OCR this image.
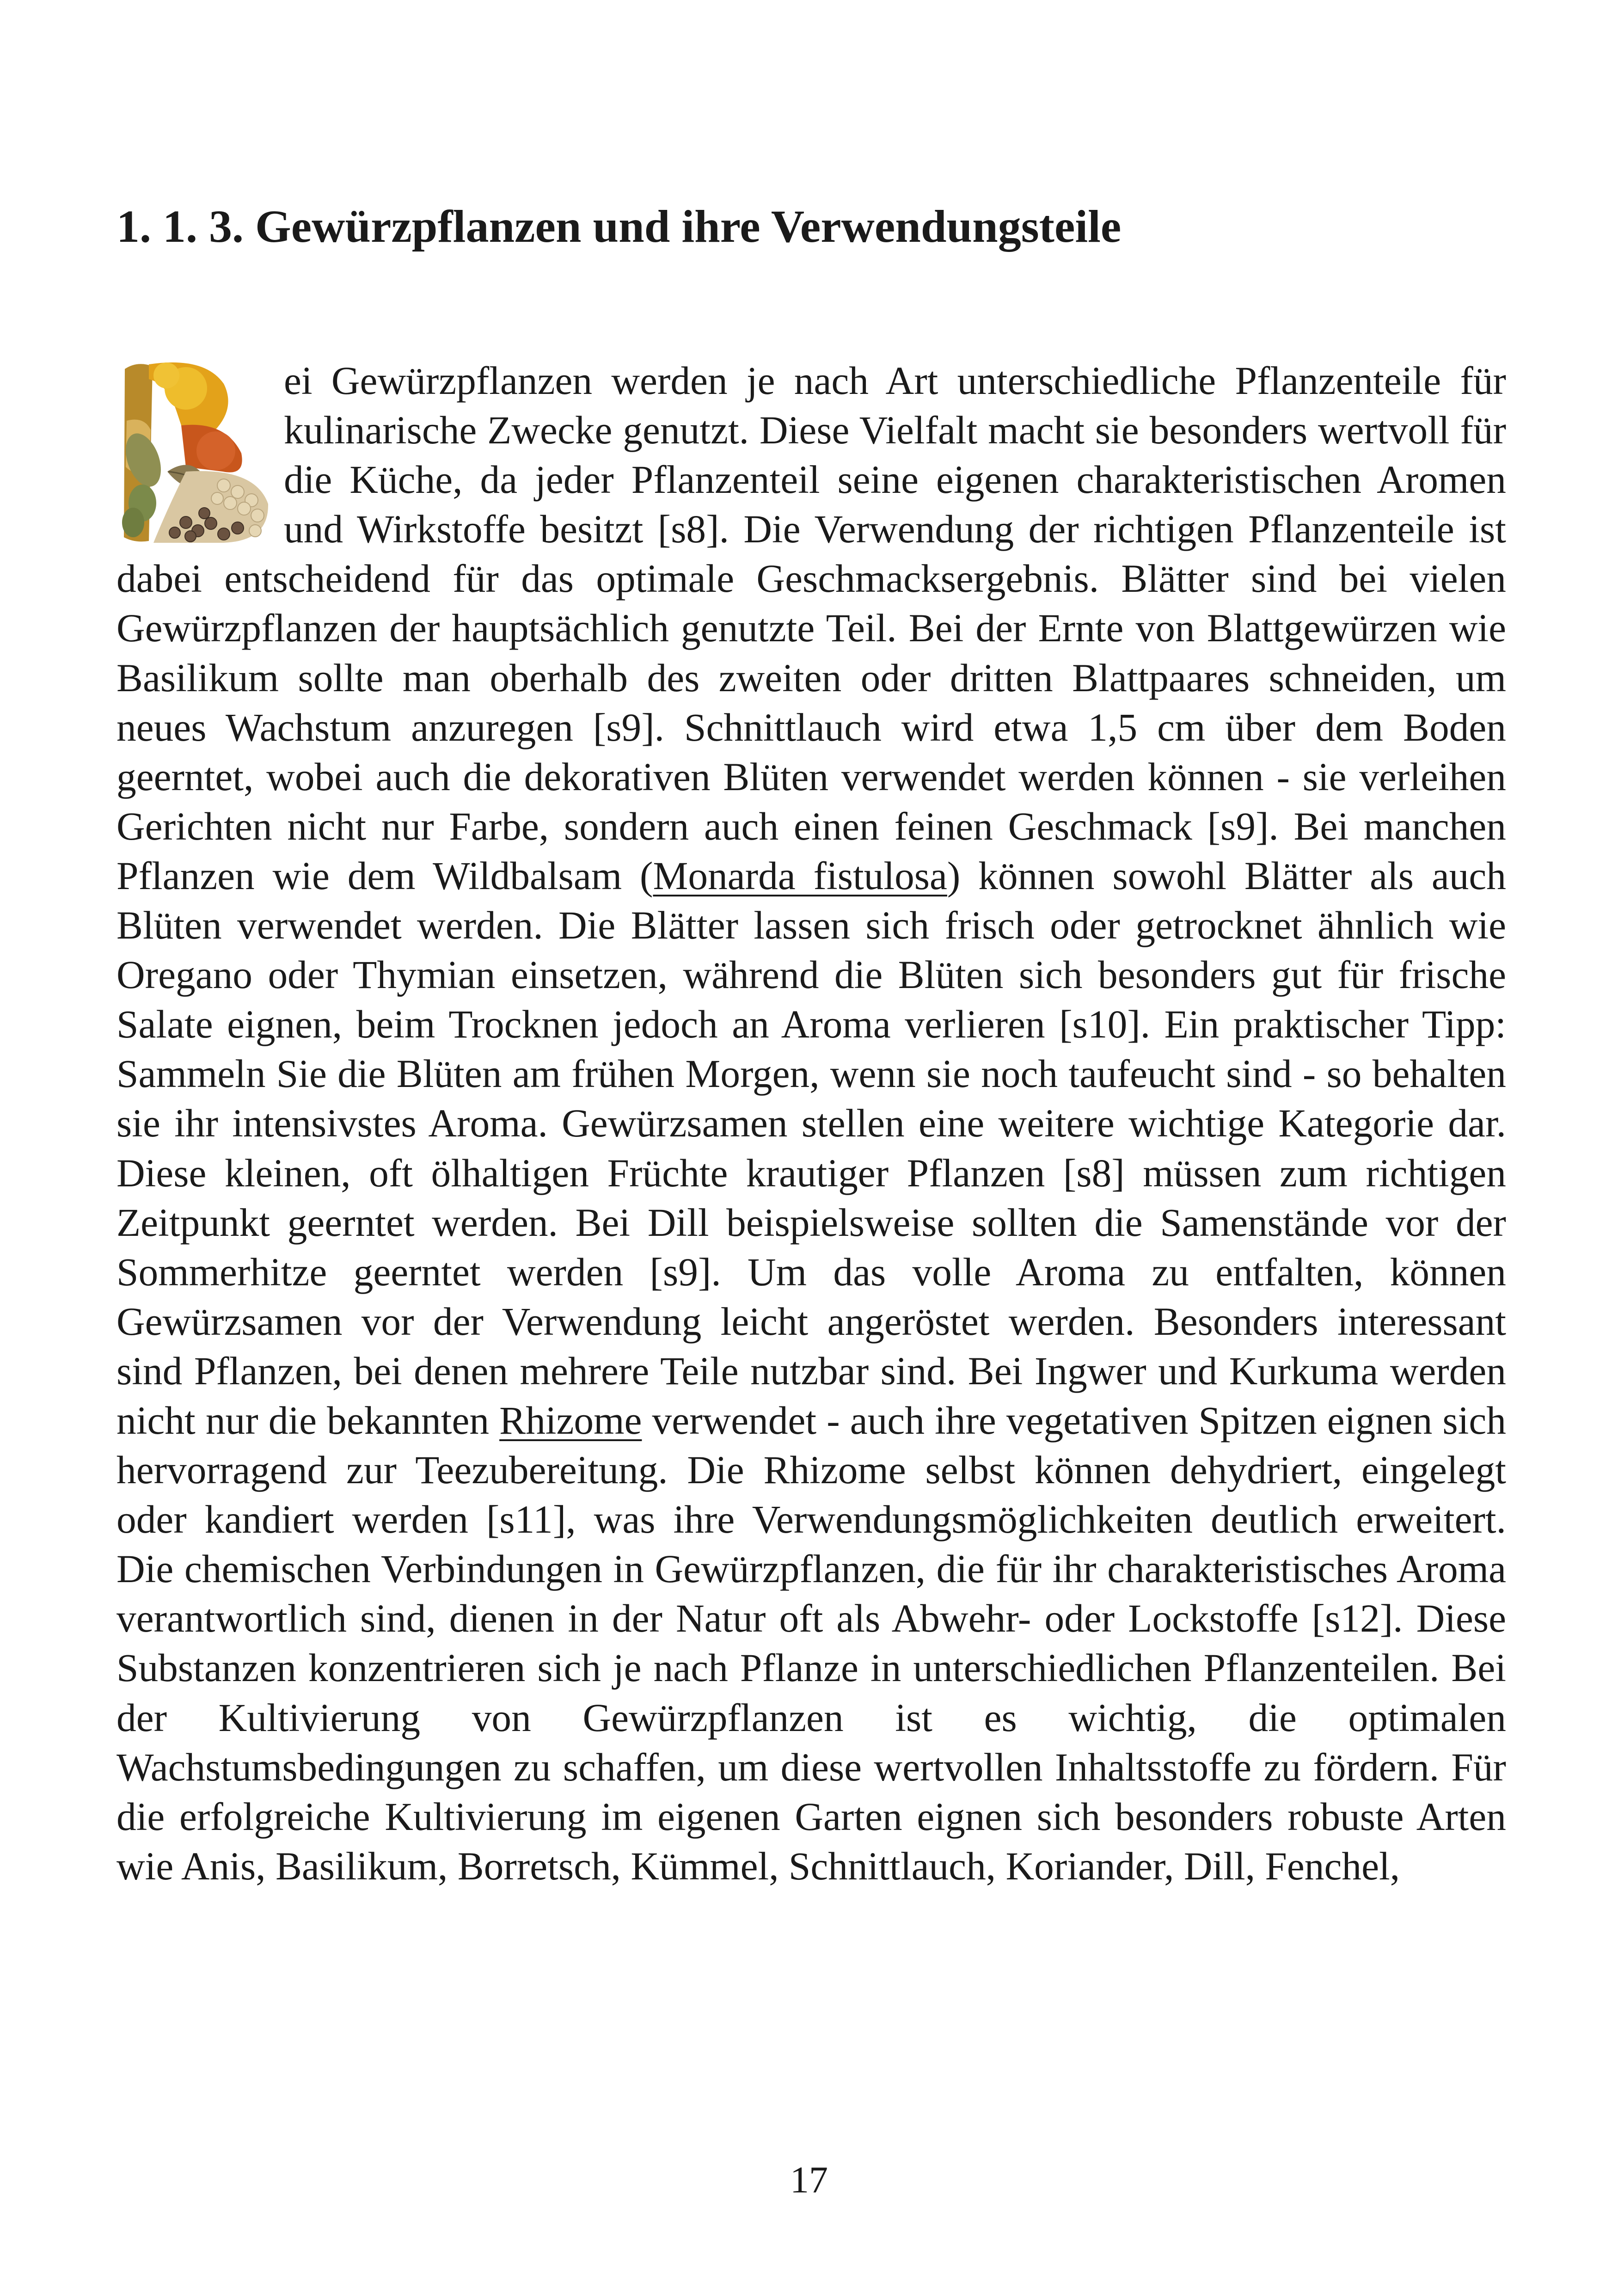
1. 1. 3. Gewürzpflanzen und ihre Verwendungsteile

ei Gewürzpflanzen werden je nach Art unterschiedliche Pflanzenteile für kulinarische Zwecke genutzt. Diese Vielfalt macht sie besonders wertvoll für die Küche, da jeder Pflanzenteil seine eigenen charakteristischen Aromen und Wirkstoffe besitzt [s8]. Die Verwendung der richtigen Pflanzenteile ist dabei entscheidend für das optimale Geschmacksergebnis. Blätter sind bei vielen Gewürzpflanzen der hauptsächlich genutzte Teil. Bei der Ernte von Blattgewürzen wie Basilikum sollte man oberhalb des zweiten oder dritten Blattpaares schneiden, um neues Wachstum anzuregen [s9]. Schnittlauch wird etwa 1,5 cm über dem Boden geerntet, wobei auch die dekorativen Blüten verwendet werden können - sie verleihen Gerichten nicht nur Farbe, sondern auch einen feinen Geschmack [s9]. Bei manchen Pflanzen wie dem Wildbalsam (Monarda fistulosa) können sowohl Blätter als auch Blüten verwendet werden. Die Blätter lassen sich frisch oder getrocknet ähnlich wie Oregano oder Thymian einsetzen, während die Blüten sich besonders gut für frische Salate eignen, beim Trocknen jedoch an Aroma verlieren [s10]. Ein praktischer Tipp: Sammeln Sie die Blüten am frühen Morgen, wenn sie noch taufeucht sind - so behalten sie ihr intensivstes Aroma. Gewürzsamen stellen eine weitere wichtige Kategorie dar. Diese kleinen, oft ölhaltigen Früchte krautiger Pflanzen [s8] müssen zum richtigen Zeitpunkt geerntet werden. Bei Dill beispielsweise sollten die Samenstände vor der Sommerhitze geerntet werden [s9]. Um das volle Aroma zu entfalten, können Gewürzsamen vor der Verwendung leicht angeröstet werden. Besonders interessant sind Pflanzen, bei denen mehrere Teile nutzbar sind. Bei Ingwer und Kurkuma werden nicht nur die bekannten Rhizome verwendet - auch ihre vegetativen Spitzen eignen sich hervorragend zur Teezubereitung. Die Rhizome selbst können dehydriert, eingelegt oder kandiert werden [s11], was ihre Verwendungsmöglichkeiten deutlich erweitert. Die chemischen Verbindungen in Gewürzpflanzen, die für ihr charakteristisches Aroma verantwortlich sind, dienen in der Natur oft als Abwehr- oder Lockstoffe [s12]. Diese Substanzen konzentrieren sich je nach Pflanze in unterschiedlichen Pflanzenteilen. Bei der Kultivierung von Gewürzpflanzen ist es wichtig, die optimalen Wachstumsbedingungen zu schaffen, um diese wertvollen Inhaltsstoffe zu fördern. Für die erfolgreiche Kultivierung im eigenen Garten eignen sich besonders robuste Arten wie Anis, Basilikum, Borretsch, Kümmel, Schnittlauch, Koriander, Dill, Fenchel,

17
